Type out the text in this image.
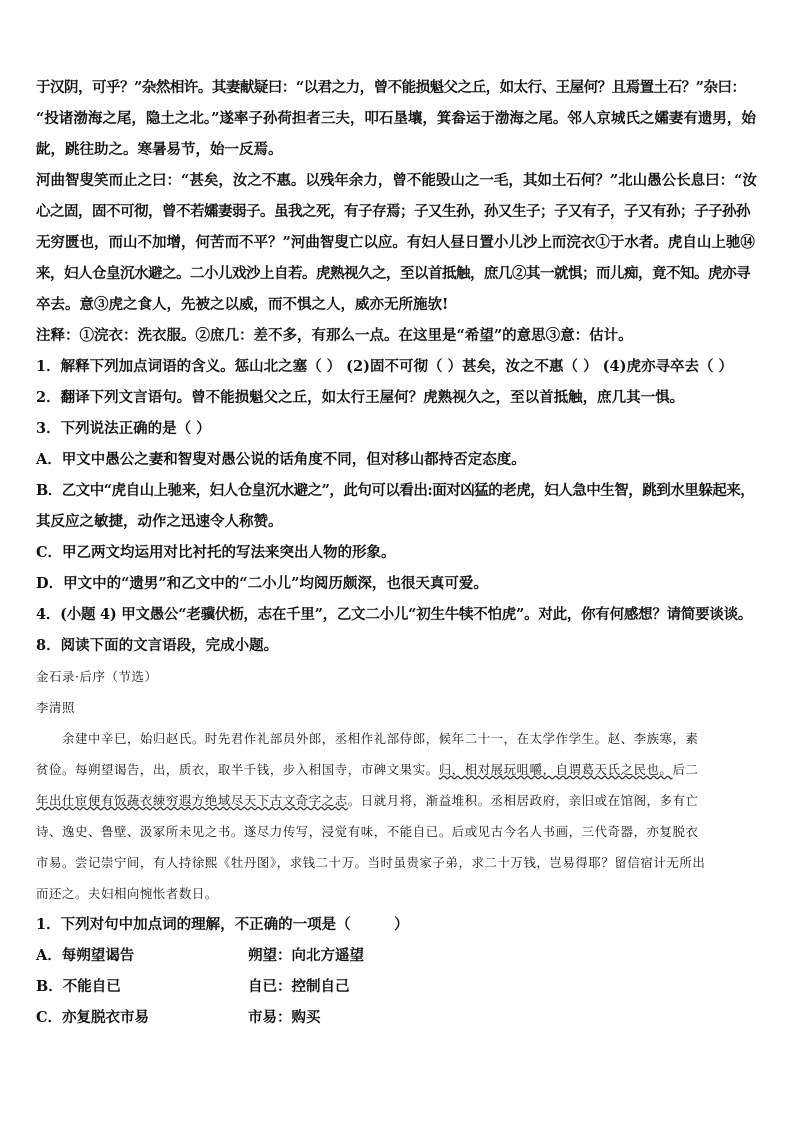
于汉阴，可乎？”杂然相许。其妻献疑曰：“以君之力，曾不能损魁父之丘，如太行、王屋何？且焉置土石？”杂曰：

“投诸渤海之尾，隐土之北。”遂率子孙荷担者三夫，叩石垦壤，箕畚运于渤海之尾。邻人京城氏之孀妻有遗男，始

龀，跳往助之。寒暑易节，始一反焉。

河曲智叟笑而止之曰：“甚矣，汝之不惠。以残年余力，曾不能毁山之一毛，其如土石何？”北山愚公长息曰：“汝

心之固，固不可彻，曾不若孀妻弱子。虽我之死，有子存焉；子又生孙，孙又生子；子又有子，子又有孙；子子孙孙

无穷匮也，而山不加增，何苦而不平？”河曲智叟亡以应。有妇人昼日置小儿沙上而浣衣①于水者。虎自山上驰⑭

来，妇人仓皇沉水避之。二小儿戏沙上自若。虎熟视久之，至以首抵触，庶几②其一就惧；而儿痴，竟不知。虎亦寻

卒去。意③虎之食人，先被之以威，而不惧之人，威亦无所施欤!

注释：①浣衣：洗衣服。②庶几：差不多，有那么一点。在这里是“希望”的意思③意：估计。

1．解释下列加点词语的含义。惩山北之塞（ ） (2)固不可彻（ ）甚矣，汝之不惠（ ） (4)虎亦寻卒去（ ）

2．翻译下列文言语句。曾不能损魁父之丘，如太行王屋何？虎熟视久之，至以首抵触，庶几其一惧。

3．下列说法正确的是（ ）

A．甲文中愚公之妻和智叟对愚公说的话角度不同，但对移山都持否定态度。

B．乙文中“虎自山上驰来，妇人仓皇沉水避之”，此句可以看出:面对凶猛的老虎，妇人急中生智，跳到水里躲起来，

其反应之敏捷，动作之迅速令人称赞。

C．甲乙两文均运用对比衬托的写法来突出人物的形象。

D．甲文中的“遗男”和乙文中的“二小儿”均阅历颇深，也很天真可爱。

4．(小题 4) 甲文愚公“老骥伏枥，志在千里”，乙文二小儿“初生牛犊不怕虎”。对此，你有何感想？请简要谈谈。

8．阅读下面的文言语段，完成小题。

金石录·后序（节选）

李清照

余建中辛巳，始归赵氏。时先君作礼部员外郎，丞相作礼部侍郎，候年二十一，在太学作学生。赵、李族寒，素

贫俭。每朔望谒告，出，质衣，取半千钱，步入相国寺，市碑文果实。归，相对展玩咀嚼，自谓葛天氏之民也。后二

年出仕宦便有饭蔬衣綀穷遐方绝域尽天下古文奇字之志。日就月将，渐益堆积。丞相居政府，亲旧或在馆阁，多有亡

诗、逸史、鲁壁、汲冢所未见之书。遂尽力传写，浸觉有味，不能自已。后或见古今名人书画，三代奇器，亦复脱衣

市易。尝记崇宁间，有人持徐熙《牡丹图》，求钱二十万。当时虽贵家子弟，求二十万钱，岂易得耶？留信宿计无所出

而还之。夫妇相向惋怅者数日。

1．下列对句中加点词的理解，不正确的一项是（　　　）

A．每朔望谒告	朔望：向北方遥望
B．不能自已	自已：控制自己
C．亦复脱衣市易	市易：购买
